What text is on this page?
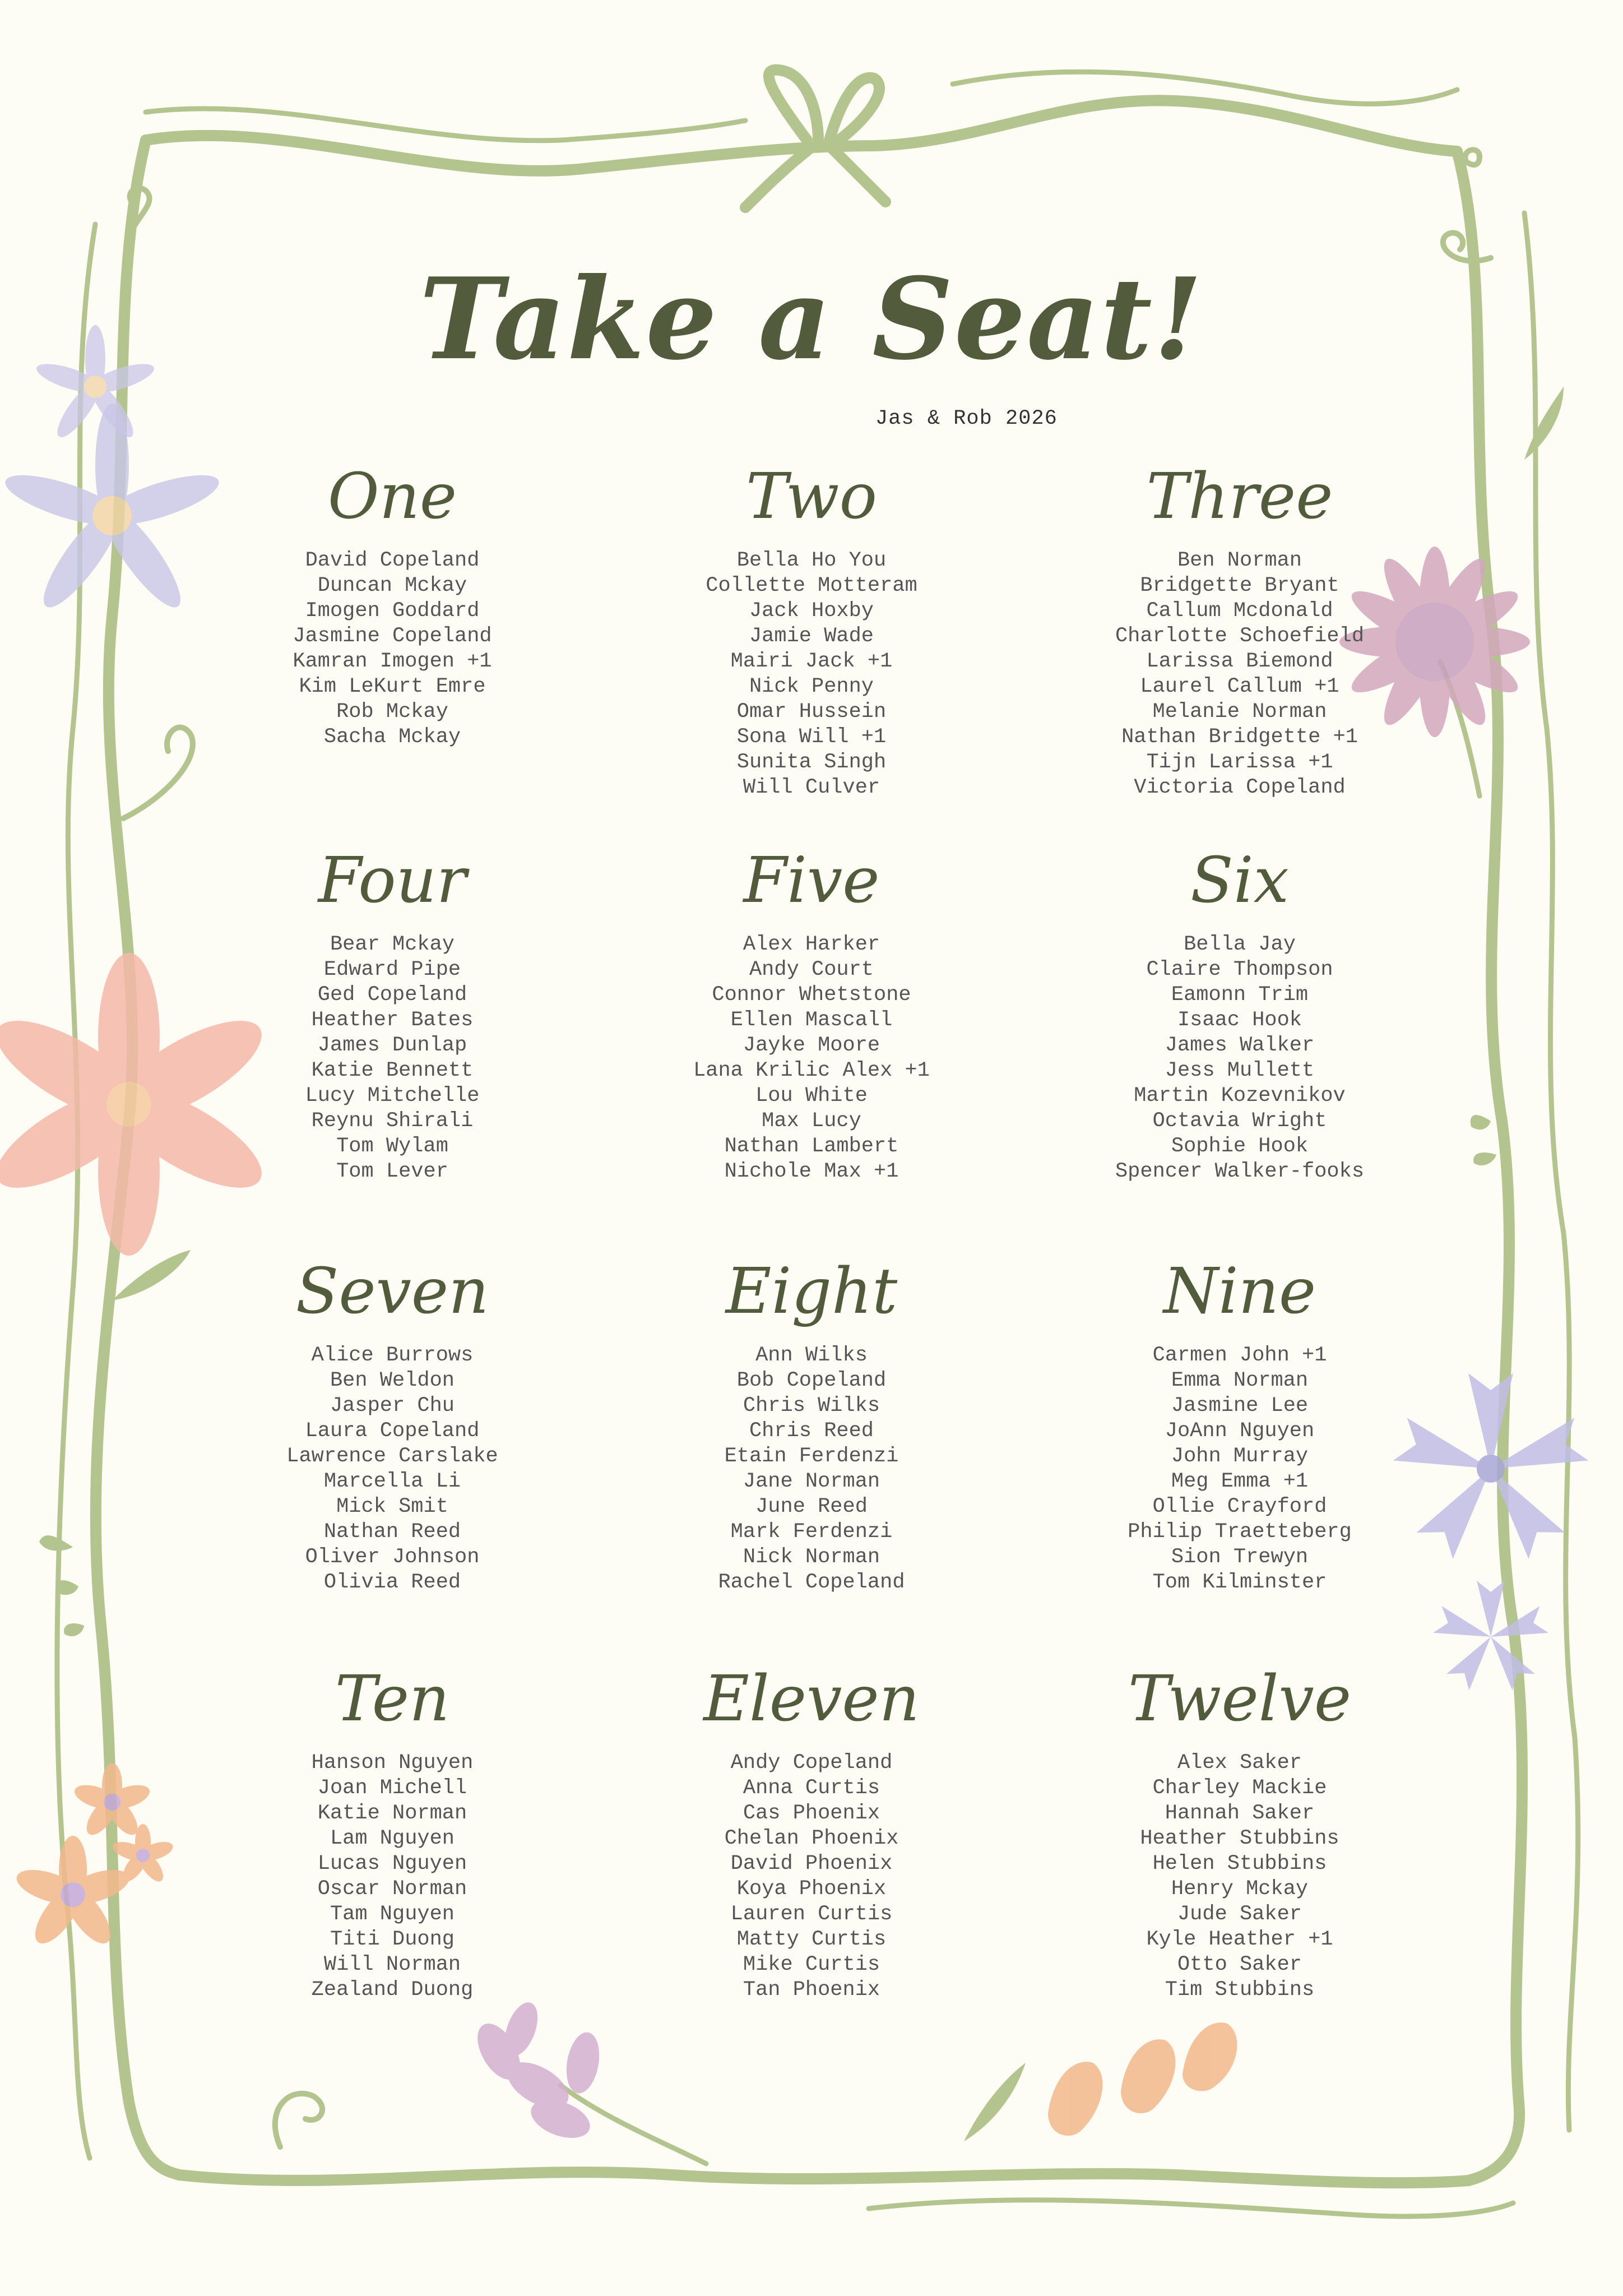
Take a Seat!
Jas & Rob 2026
One
David Copeland
Duncan Mckay
Imogen Goddard
Jasmine Copeland
Kamran Imogen +1
Kim LeKurt Emre
Rob Mckay
Sacha Mckay
Two
Bella Ho You
Collette Motteram
Jack Hoxby
Jamie Wade
Mairi Jack +1
Nick Penny
Omar Hussein
Sona Will +1
Sunita Singh
Will Culver
Three
Ben Norman
Bridgette Bryant
Callum Mcdonald
Charlotte Schoefield
Larissa Biemond
Laurel Callum +1
Melanie Norman
Nathan Bridgette +1
Tijn Larissa +1
Victoria Copeland
Four
Bear Mckay
Edward Pipe
Ged Copeland
Heather Bates
James Dunlap
Katie Bennett
Lucy Mitchelle
Reynu Shirali
Tom Wylam
Tom Lever
Five
Alex Harker
Andy Court
Connor Whetstone
Ellen Mascall
Jayke Moore
Lana Krilic Alex +1
Lou White
Max Lucy
Nathan Lambert
Nichole Max +1
Six
Bella Jay
Claire Thompson
Eamonn Trim
Isaac Hook
James Walker
Jess Mullett
Martin Kozevnikov
Octavia Wright
Sophie Hook
Spencer Walker-fooks
Seven
Alice Burrows
Ben Weldon
Jasper Chu
Laura Copeland
Lawrence Carslake
Marcella Li
Mick Smit
Nathan Reed
Oliver Johnson
Olivia Reed
Eight
Ann Wilks
Bob Copeland
Chris Wilks
Chris Reed
Etain Ferdenzi
Jane Norman
June Reed
Mark Ferdenzi
Nick Norman
Rachel Copeland
Nine
Carmen John +1
Emma Norman
Jasmine Lee
JoAnn Nguyen
John Murray
Meg Emma +1
Ollie Crayford
Philip Traetteberg
Sion Trewyn
Tom Kilminster
Ten
Hanson Nguyen
Joan Michell
Katie Norman
Lam Nguyen
Lucas Nguyen
Oscar Norman
Tam Nguyen
Titi Duong
Will Norman
Zealand Duong
Eleven
Andy Copeland
Anna Curtis
Cas Phoenix
Chelan Phoenix
David Phoenix
Koya Phoenix
Lauren Curtis
Matty Curtis
Mike Curtis
Tan Phoenix
Twelve
Alex Saker
Charley Mackie
Hannah Saker
Heather Stubbins
Helen Stubbins
Henry Mckay
Jude Saker
Kyle Heather +1
Otto Saker
Tim Stubbins
